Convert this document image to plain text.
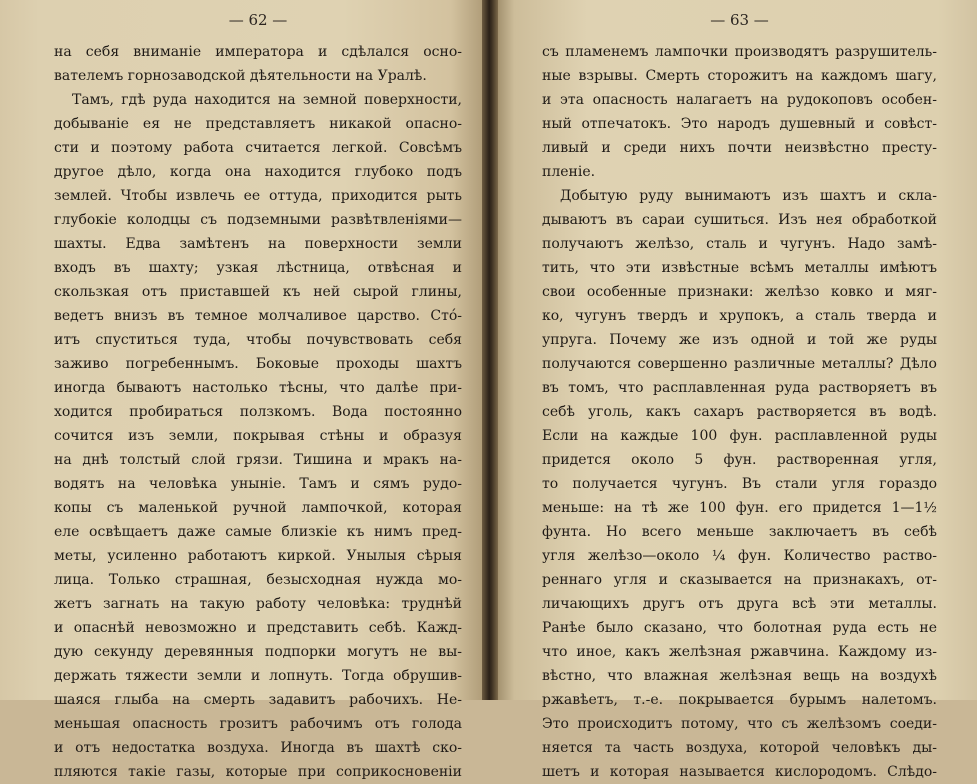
— 62 —
на себя вниманіе императора и сдѣлался осно-
вателемъ горнозаводской дѣятельности на Уралѣ.
Тамъ, гдѣ руда находится на земной поверхности,
добываніе ея не представляетъ никакой опасно-
сти и поэтому работа считается легкой. Совсѣмъ
другое дѣло, когда она находится глубоко подъ
землей. Чтобы извлечь ее оттуда, приходится рыть
глубокіе колодцы съ подземными развѣтвленіями—
шахты. Едва замѣтенъ на поверхности земли
входъ въ шахту; узкая лѣстница, отвѣсная и
скользкая отъ приставшей къ ней сырой глины,
ведетъ внизъ въ темное молчаливое царство. Стó-
итъ спуститься туда, чтобы почувствовать себя
заживо погребеннымъ. Боковые проходы шахтъ
иногда бываютъ настолько тѣсны, что далѣе при-
ходится пробираться ползкомъ. Вода постоянно
сочится изъ земли, покрывая стѣны и образуя
на днѣ толстый слой грязи. Тишина и мракъ на-
водятъ на человѣка уныніе. Тамъ и сямъ рудо-
копы съ маленькой ручной лампочкой, которая
еле освѣщаетъ даже самые близкіе къ нимъ пред-
меты, усиленно работаютъ киркой. Унылыя сѣрыя
лица. Только страшная, безысходная нужда мо-
жетъ загнать на такую работу человѣка: труднѣй
и опаснѣй невозможно и представить себѣ. Кажд-
дую секунду деревянныя подпорки могутъ не вы-
держать тяжести земли и лопнуть. Тогда обрушив-
шаяся глыба на смерть задавитъ рабочихъ. Не-
меньшая опасность грозитъ рабочимъ отъ голода
и отъ недостатка воздуха. Иногда въ шахтѣ ско-
пляются такіе газы, которые при соприкосновеніи
— 63 —
съ пламенемъ лампочки производятъ разрушитель-
ные взрывы. Смерть сторожитъ на каждомъ шагу,
и эта опасность налагаетъ на рудокоповъ особен-
ный отпечатокъ. Это народъ душевный и совѣст-
ливый и среди нихъ почти неизвѣстно престу-
пленіе.
Добытую руду вынимаютъ изъ шахтъ и скла-
дываютъ въ сараи сушиться. Изъ нея обработкой
получаютъ желѣзо, сталь и чугунъ. Надо замѣ-
тить, что эти извѣстные всѣмъ металлы имѣютъ
свои особенные признаки: желѣзо ковко и мяг-
ко, чугунъ твердъ и хрупокъ, а сталь тверда и
упруга. Почему же изъ одной и той же руды
получаются совершенно различные металлы? Дѣло
въ томъ, что расплавленная руда растворяетъ въ
себѣ уголь, какъ сахаръ растворяется въ водѣ.
Если на каждые 100 фун. расплавленной руды
придется около 5 фун. растворенная угля,
то получается чугунъ. Въ стали угля гораздо
меньше: на тѣ же 100 фун. его придется 1—1½
фунта. Но всего меньше заключаетъ въ себѣ
угля желѣзо—около ¼ фун. Количество раство-
реннаго угля и сказывается на признакахъ, от-
личающихъ другъ отъ друга всѣ эти металлы.
Ранѣе было сказано, что болотная руда есть не
что иное, какъ желѣзная ржавчина. Каждому из-
вѣстно, что влажная желѣзная вещь на воздухѣ
ржавѣетъ, т.-е. покрывается бурымъ налетомъ.
Это происходитъ потому, что съ желѣзомъ соеди-
няется та часть воздуха, которой человѣкъ ды-
шетъ и которая называется кислородомъ. Слѣдо-
